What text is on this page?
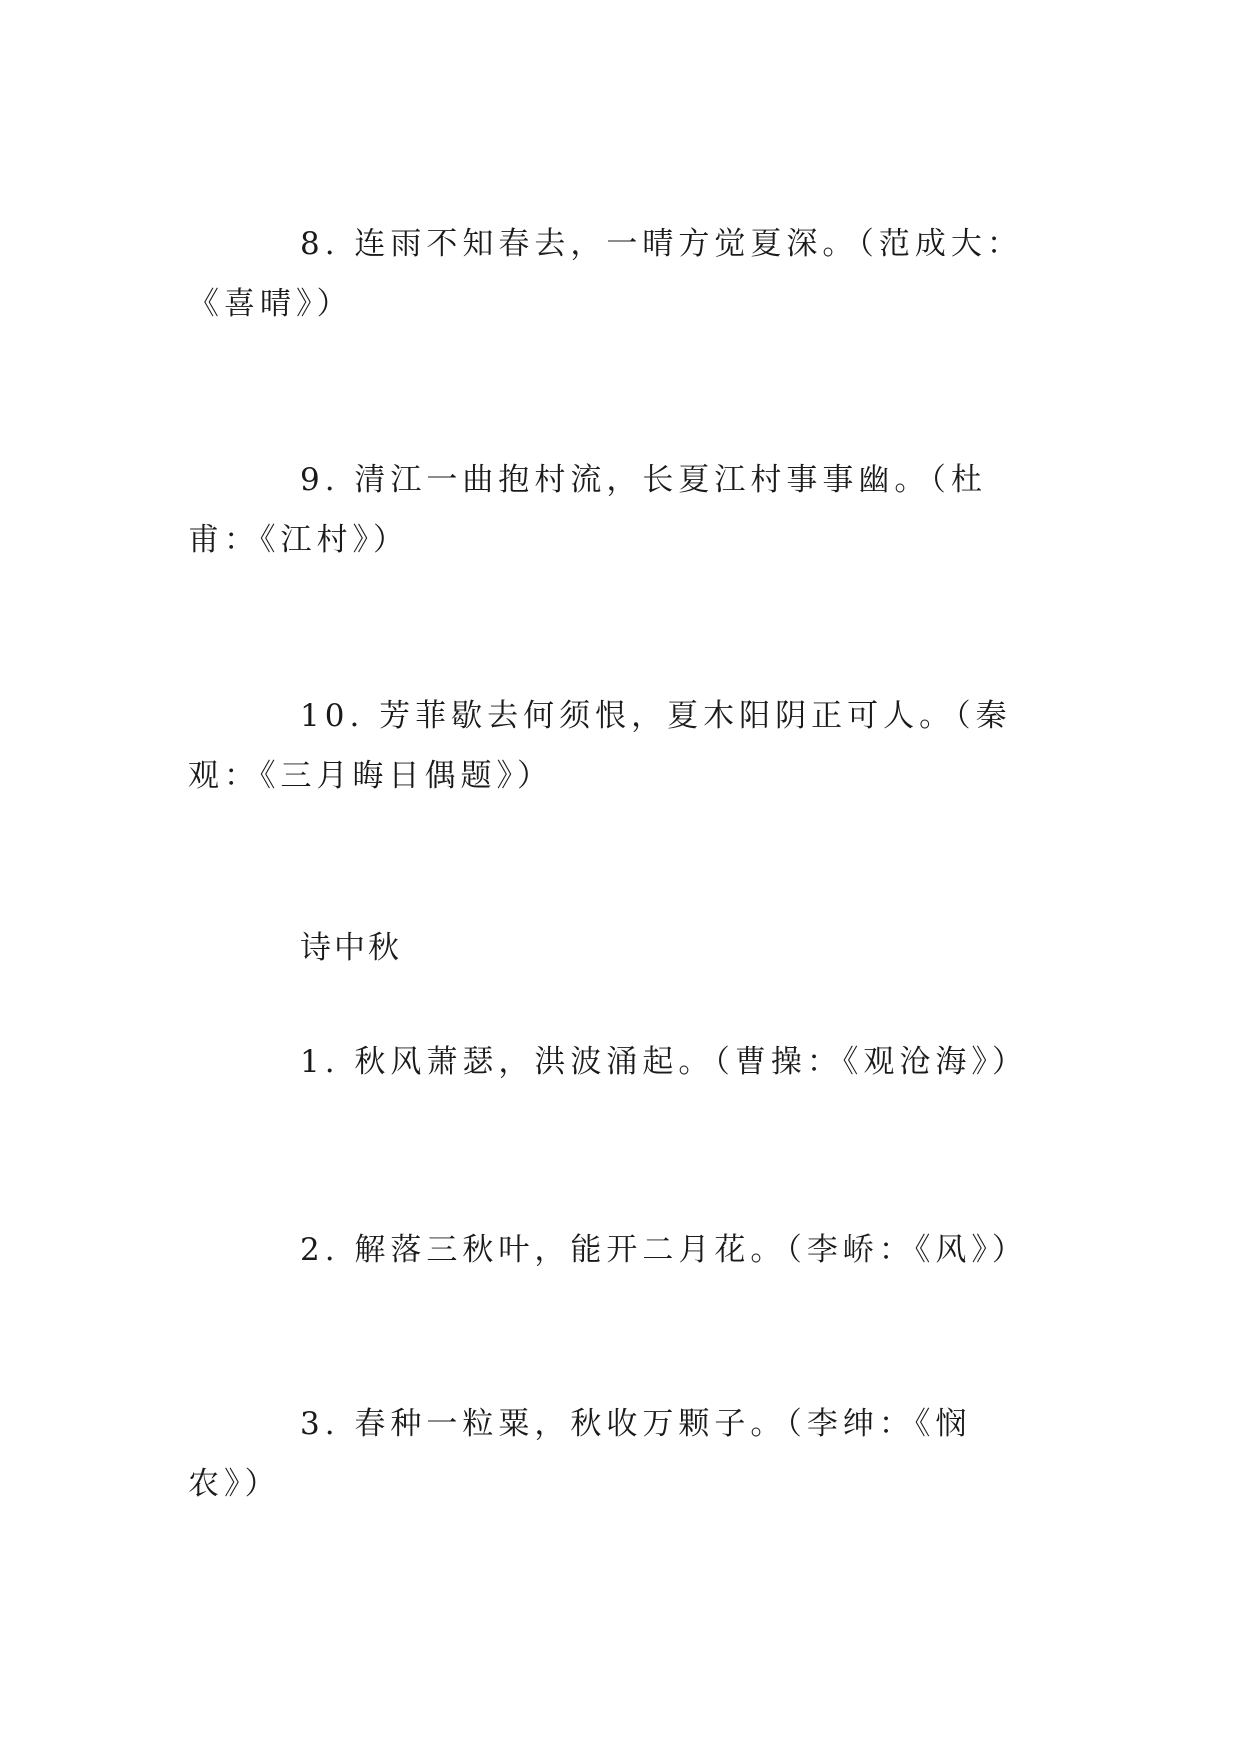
8. 连雨不知春去，一晴方觉夏深。（范成大：《喜晴》）

9. 清江一曲抱村流，长夏江村事事幽。（杜甫：《江村》）

10. 芳菲歇去何须恨，夏木阳阴正可人。（秦观：《三月晦日偶题》）

诗中秋

1. 秋风萧瑟，洪波涌起。（曹操：《观沧海》）

2. 解落三秋叶，能开二月花。（李峤：《风》）

3. 春种一粒粟，秋收万颗子。（李绅：《悯农》）
